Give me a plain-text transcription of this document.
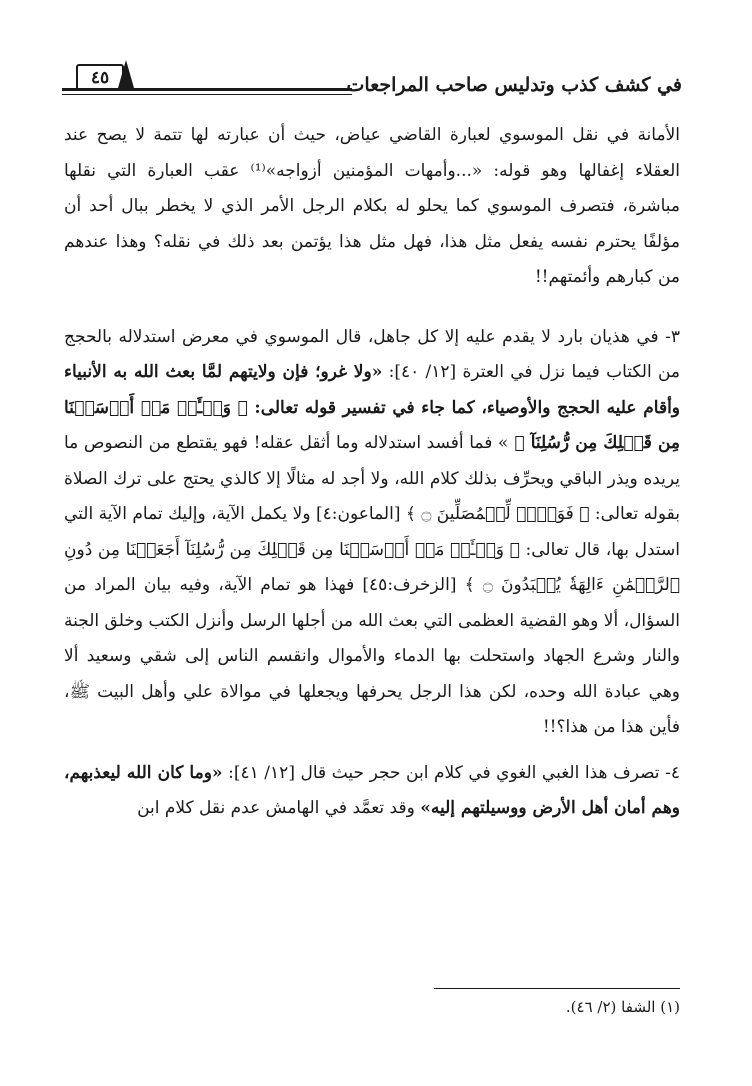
٤٥	في كشف كذب وتدليس صاحب المراجعات

الأمانة في نقل الموسوي لعبارة القاضي عياض، حيث أن عبارته لها تتمة لا يصح عند العقلاء إغفالها وهو قوله: «...وأمهات المؤمنين أزواجه»⁽¹⁾ عقب العبارة التي نقلها مباشرة، فتصرف الموسوي كما يحلو له بكلام الرجل الأمر الذي لا يخطر ببال أحد أن مؤلفًا يحترم نفسه يفعل مثل هذا، فهل مثل هذا يؤتمن بعد ذلك في نقله؟ وهذا عندهم من كبارهم وأئمتهم!!

٣- في هذيان بارد لا يقدم عليه إلا كل جاهل، قال الموسوي في معرض استدلاله بالحجج من الكتاب فيما نزل في العترة [١٢/ ٤٠]: «ولا غرو؛ فإن ولايتهم لمَّا بعث الله به الأنبياء وأقام عليه الحجج والأوصياء، كما جاء في تفسير قوله تعالى: ﴿ وَسۡـَٔلۡ مَنۡ أَرۡسَلۡنَا مِن قَبۡلِكَ مِن رُّسُلِنَآ ﴾ » فما أفسد استدلاله وما أثقل عقله! فهو يقتطع من النصوص ما يريده ويذر الباقي ويحرِّف بذلك كلام الله، ولا أجد له مثالًا إلا كالذي يحتج على ترك الصلاة بقوله تعالى: ﴿ فَوَيۡلٞ لِّلۡمُصَلِّينَ ۝ ﴾ [الماعون:٤] ولا يكمل الآية، وإليك تمام الآية التي استدل بها، قال تعالى: ﴿ وَسۡـَٔلۡ مَنۡ أَرۡسَلۡنَا مِن قَبۡلِكَ مِن رُّسُلِنَآ أَجَعَلۡنَا مِن دُونِ ٱلرَّحۡمَٰنِ ءَالِهَةٗ يُعۡبَدُونَ ۝ ﴾ [الزخرف:٤٥] فهذا هو تمام الآية، وفيه بيان المراد من السؤال، ألا وهو القضية العظمى التي بعث الله من أجلها الرسل وأنزل الكتب وخلق الجنة والنار وشرع الجهاد واستحلت بها الدماء والأموال وانقسم الناس إلى شقي وسعيد ألا وهي عبادة الله وحده، لكن هذا الرجل يحرفها ويجعلها في موالاة علي وأهل البيت ﷺ، فأين هذا من هذا؟!!

٤- تصرف هذا الغبي الغوي في كلام ابن حجر حيث قال [١٢/ ٤١]: «وما كان الله ليعذبهم، وهم أمان أهل الأرض ووسيلتهم إليه» وقد تعمَّد في الهامش عدم نقل كلام ابن

(١) الشفا (٢/ ٤٦).
